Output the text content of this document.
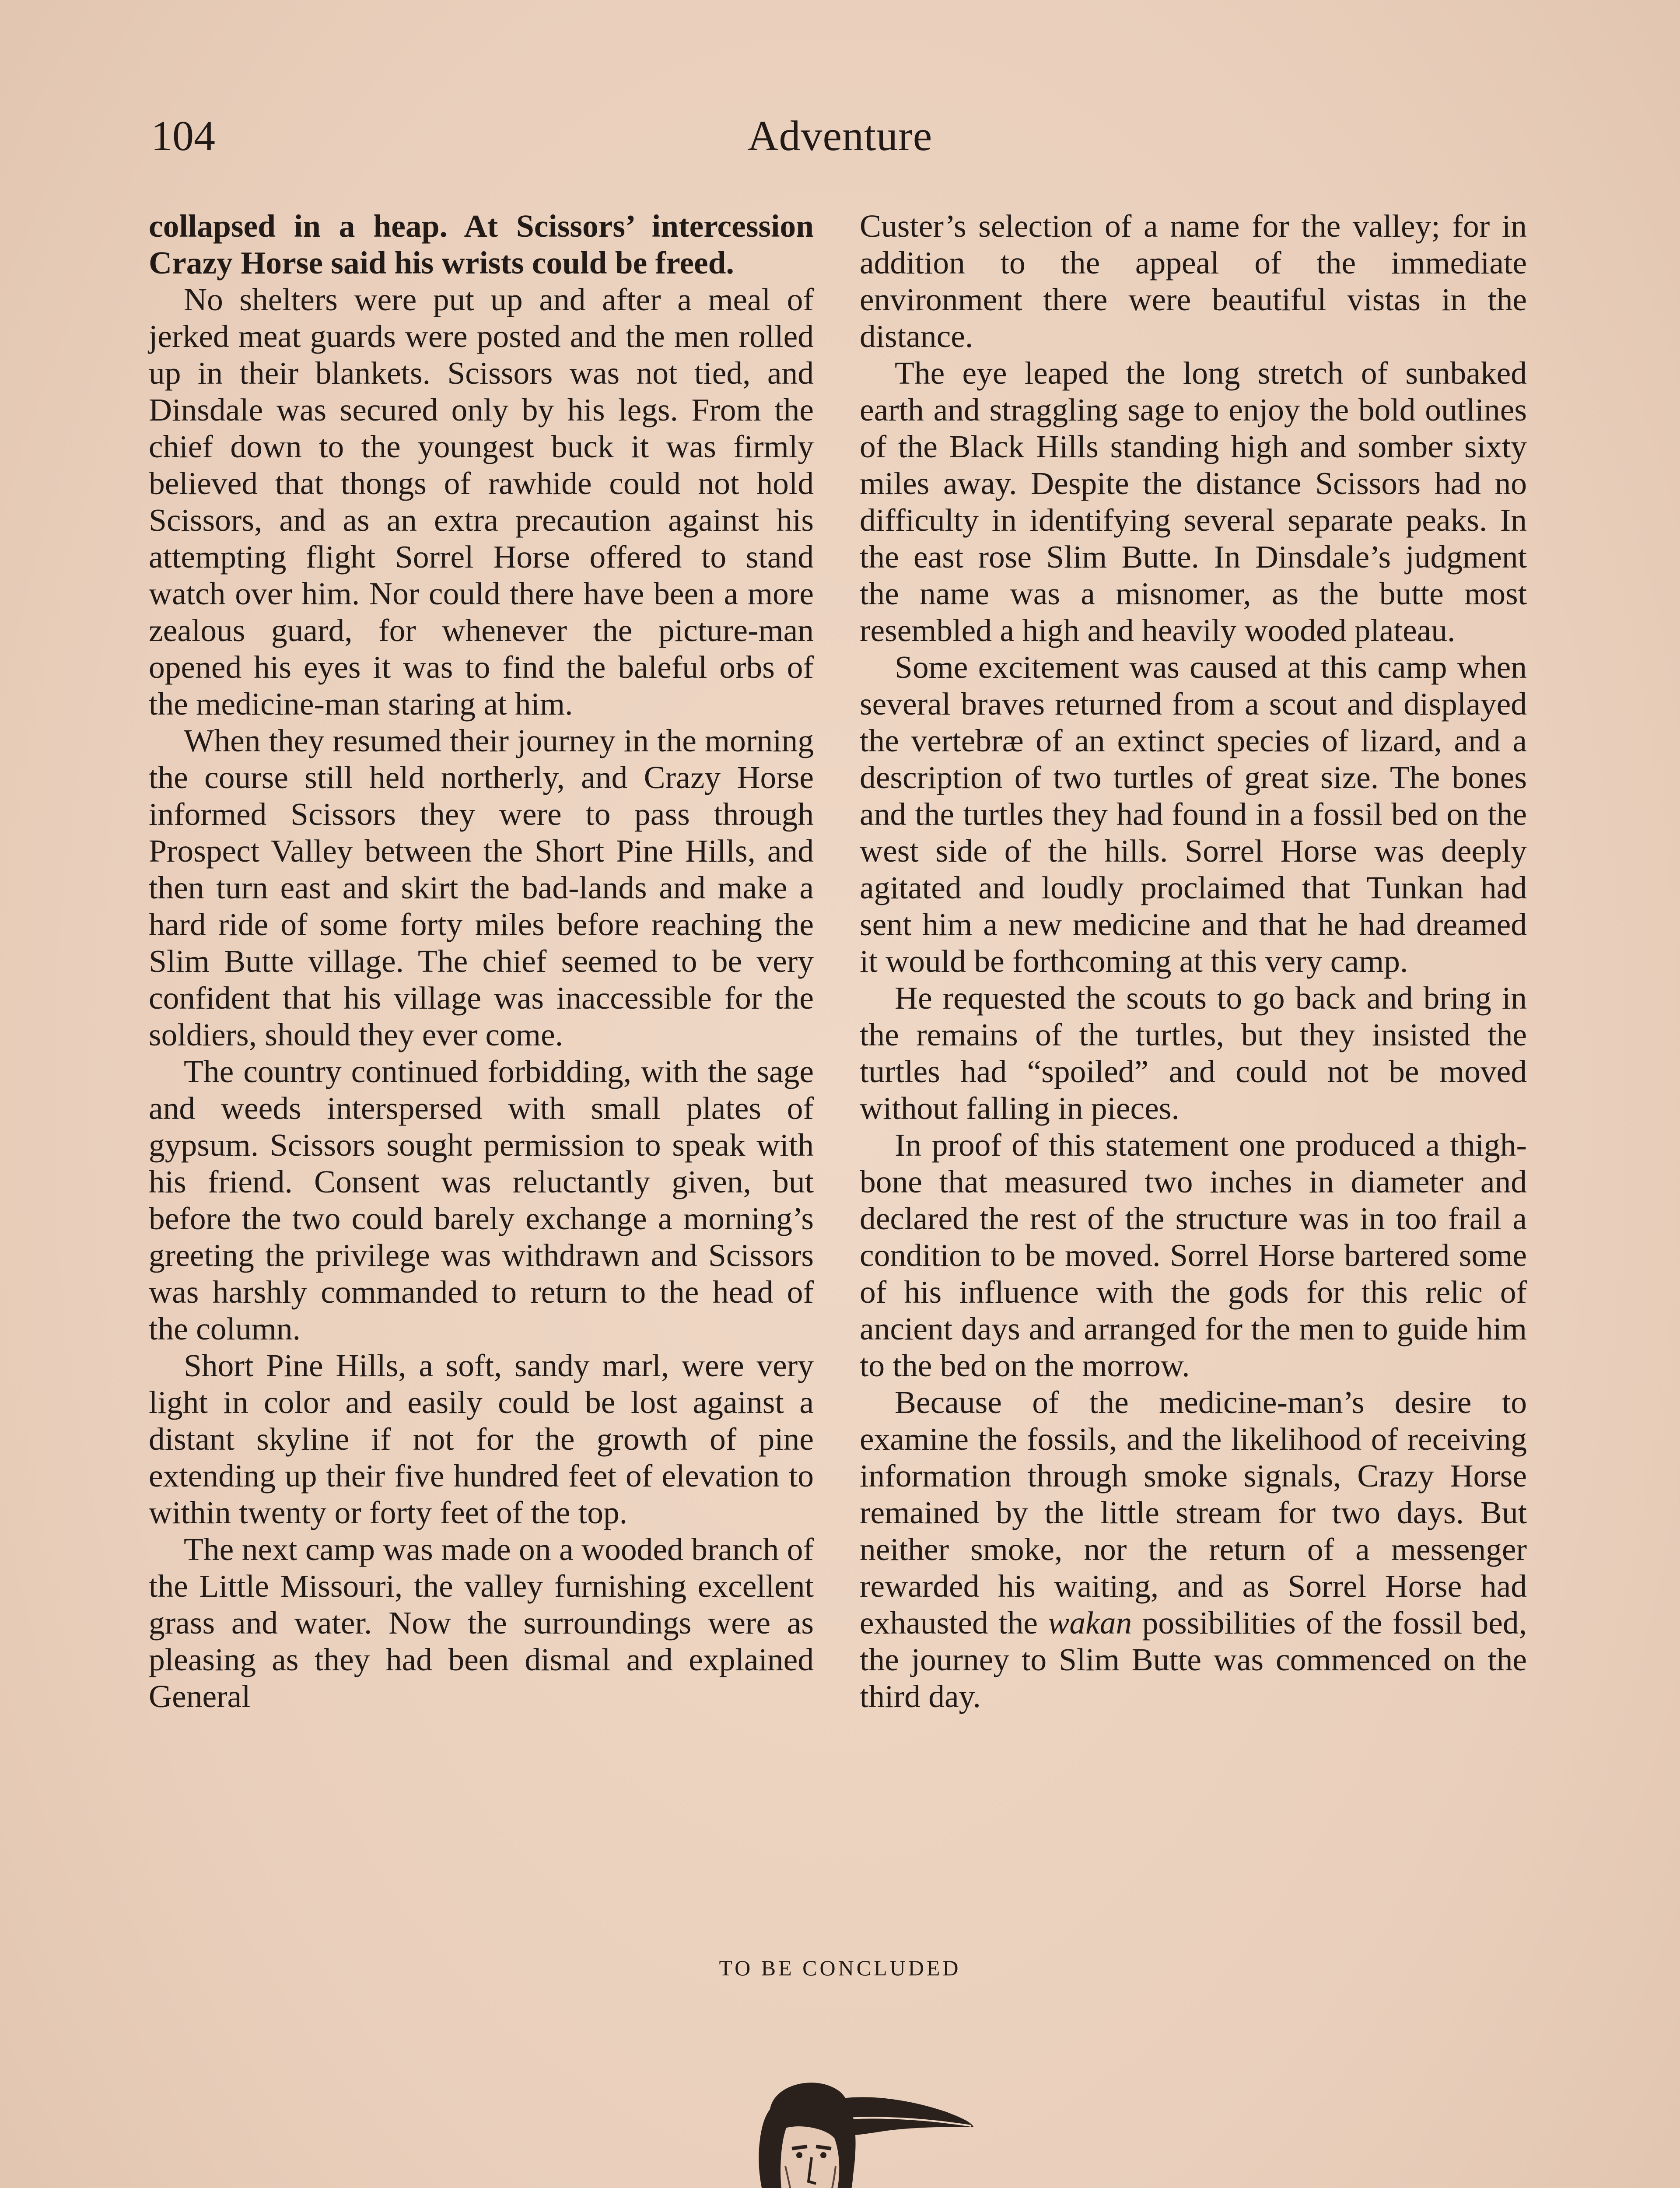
104	Adventure

collapsed in a heap. At Scissors’ intercession Crazy Horse said his wrists could be freed.

No shelters were put up and after a meal of jerked meat guards were posted and the men rolled up in their blankets. Scissors was not tied, and Dinsdale was secured only by his legs. From the chief down to the youngest buck it was firmly believed that thongs of rawhide could not hold Scissors, and as an extra precaution against his attempting flight Sorrel Horse offered to stand watch over him. Nor could there have been a more zealous guard, for whenever the picture-man opened his eyes it was to find the baleful orbs of the medicine-man staring at him.

When they resumed their journey in the morning the course still held northerly, and Crazy Horse informed Scissors they were to pass through Prospect Valley between the Short Pine Hills, and then turn east and skirt the bad-lands and make a hard ride of some forty miles before reaching the Slim Butte village. The chief seemed to be very confident that his village was inaccessible for the soldiers, should they ever come.

The country continued forbidding, with the sage and weeds interspersed with small plates of gypsum. Scissors sought permission to speak with his friend. Consent was reluctantly given, but before the two could barely exchange a morning’s greeting the privilege was withdrawn and Scissors was harshly commanded to return to the head of the column.

Short Pine Hills, a soft, sandy marl, were very light in color and easily could be lost against a distant skyline if not for the growth of pine extending up their five hundred feet of elevation to within twenty or forty feet of the top.

The next camp was made on a wooded branch of the Little Missouri, the valley furnishing excellent grass and water. Now the surroundings were as pleasing as they had been dismal and explained General

Custer’s selection of a name for the valley; for in addition to the appeal of the immediate environment there were beautiful vistas in the distance.

The eye leaped the long stretch of sunbaked earth and straggling sage to enjoy the bold outlines of the Black Hills standing high and somber sixty miles away. Despite the distance Scissors had no difficulty in identifying several separate peaks. In the east rose Slim Butte. In Dinsdale’s judgment the name was a misnomer, as the butte most resembled a high and heavily wooded plateau.

Some excitement was caused at this camp when several braves returned from a scout and displayed the vertebræ of an extinct species of lizard, and a description of two turtles of great size. The bones and the turtles they had found in a fossil bed on the west side of the hills. Sorrel Horse was deeply agitated and loudly proclaimed that Tunkan had sent him a new medicine and that he had dreamed it would be forthcoming at this very camp.

He requested the scouts to go back and bring in the remains of the turtles, but they insisted the turtles had “spoiled” and could not be moved without falling in pieces.

In proof of this statement one produced a thigh-bone that measured two inches in diameter and declared the rest of the structure was in too frail a condition to be moved. Sorrel Horse bartered some of his influence with the gods for this relic of ancient days and arranged for the men to guide him to the bed on the morrow.

Because of the medicine-man’s desire to examine the fossils, and the likelihood of receiving information through smoke signals, Crazy Horse remained by the little stream for two days. But neither smoke, nor the return of a messenger rewarded his waiting, and as Sorrel Horse had exhausted the wakan possibilities of the fossil bed, the journey to Slim Butte was commenced on the third day.

TO BE CONCLUDED
